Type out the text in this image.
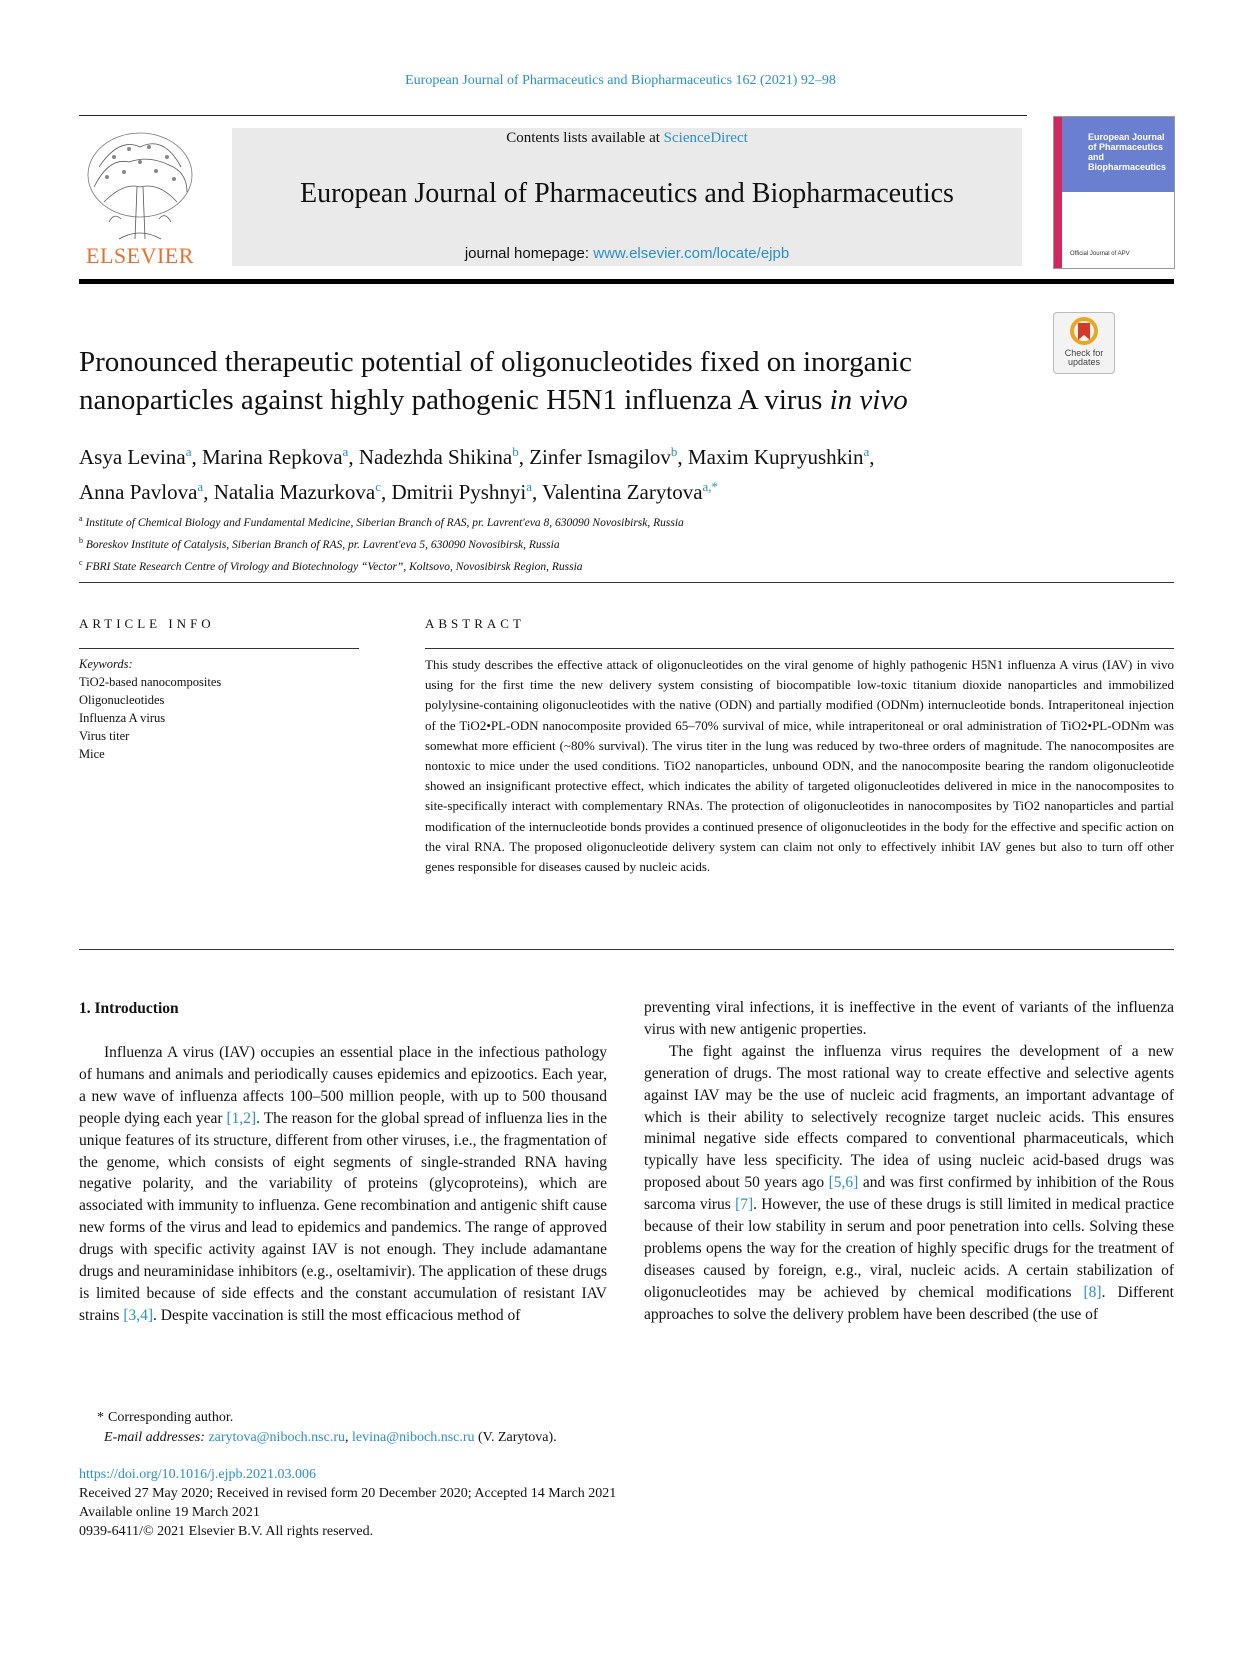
European Journal of Pharmaceutics and Biopharmaceutics 162 (2021) 92–98
ELSEVIER
Contents lists available at ScienceDirect
European Journal of Pharmaceutics and Biopharmaceutics
journal homepage: www.elsevier.com/locate/ejpb
European Journal of Pharmaceutics and Biopharmaceutics
Official Journal of APV
Check for updates
Pronounced therapeutic potential of oligonucleotides fixed on inorganic nanoparticles against highly pathogenic H5N1 influenza A virus in vivo
Asya Levina$^a$, Marina Repkova$^a$, Nadezhda Shikina$^b$, Zinfer Ismagilov$^b$, Maxim Kupryushkin$^a$,
Anna Pavlova$^a$, Natalia Mazurkova$^c$, Dmitrii Pyshnyi$^a$, Valentina Zarytova$^{a,*}$
$^a$ Institute of Chemical Biology and Fundamental Medicine, Siberian Branch of RAS, pr. Lavrent'eva 8, 630090 Novosibirsk, Russia
$^b$ Boreskov Institute of Catalysis, Siberian Branch of RAS, pr. Lavrent'eva 5, 630090 Novosibirsk, Russia
$^c$ FBRI State Research Centre of Virology and Biotechnology “Vector”, Koltsovo, Novosibirsk Region, Russia
ARTICLE INFO	ABSTRACT
Keywords:
TiO2-based nanocomposites
Oligonucleotides
Influenza A virus
Virus titer
Mice
This study describes the effective attack of oligonucleotides on the viral genome of highly pathogenic H5N1 influenza A virus (IAV) in vivo using for the first time the new delivery system consisting of biocompatible low-toxic titanium dioxide nanoparticles and immobilized polylysine-containing oligonucleotides with the native (ODN) and partially modified (ODNm) internucleotide bonds. Intraperitoneal injection of the TiO2•PL-ODN nanocomposite provided 65–70% survival of mice, while intraperitoneal or oral administration of TiO2•PL-ODNm was somewhat more efficient (~80% survival). The virus titer in the lung was reduced by two-three orders of magnitude. The nanocomposites are nontoxic to mice under the used conditions. TiO2 nanoparticles, unbound ODN, and the nanocomposite bearing the random oligonucleotide showed an insignificant protective effect, which indicates the ability of targeted oligonucleotides delivered in mice in the nanocomposites to site-specifically interact with complementary RNAs. The protection of oligonucleotides in nanocomposites by TiO2 nanoparticles and partial modification of the internucleotide bonds provides a continued presence of oligonucleotides in the body for the effective and specific action on the viral RNA. The proposed oligonucleotide delivery system can claim not only to effectively inhibit IAV genes but also to turn off other genes responsible for diseases caused by nucleic acids.
1. Introduction

Influenza A virus (IAV) occupies an essential place in the infectious pathology of humans and animals and periodically causes epidemics and epizootics. Each year, a new wave of influenza affects 100–500 million people, with up to 500 thousand people dying each year [1,2]. The reason for the global spread of influenza lies in the unique features of its structure, different from other viruses, i.e., the fragmentation of the genome, which consists of eight segments of single-stranded RNA having negative polarity, and the variability of proteins (glycoproteins), which are associated with immunity to influenza. Gene recombination and antigenic shift cause new forms of the virus and lead to epidemics and pandemics. The range of approved drugs with specific activity against IAV is not enough. They include adamantane drugs and neuraminidase inhibitors (e.g., oseltamivir). The application of these drugs is limited because of side effects and the constant accumulation of resistant IAV strains [3,4]. Despite vaccination is still the most efficacious method of

preventing viral infections, it is ineffective in the event of variants of the influenza virus with new antigenic properties.

The fight against the influenza virus requires the development of a new generation of drugs. The most rational way to create effective and selective agents against IAV may be the use of nucleic acid fragments, an important advantage of which is their ability to selectively recognize target nucleic acids. This ensures minimal negative side effects compared to conventional pharmaceuticals, which typically have less specificity. The idea of using nucleic acid-based drugs was proposed about 50 years ago [5,6] and was first confirmed by inhibition of the Rous sarcoma virus [7]. However, the use of these drugs is still limited in medical practice because of their low stability in serum and poor penetration into cells. Solving these problems opens the way for the creation of highly specific drugs for the treatment of diseases caused by foreign, e.g., viral, nucleic acids. A certain stabilization of oligonucleotides may be achieved by chemical modifications [8]. Different approaches to solve the delivery problem have been described (the use of

* Corresponding author.
E-mail addresses: zarytova@niboch.nsc.ru, levina@niboch.nsc.ru (V. Zarytova).
https://doi.org/10.1016/j.ejpb.2021.03.006
Received 27 May 2020; Received in revised form 20 December 2020; Accepted 14 March 2021
Available online 19 March 2021
0939-6411/© 2021 Elsevier B.V. All rights reserved.
